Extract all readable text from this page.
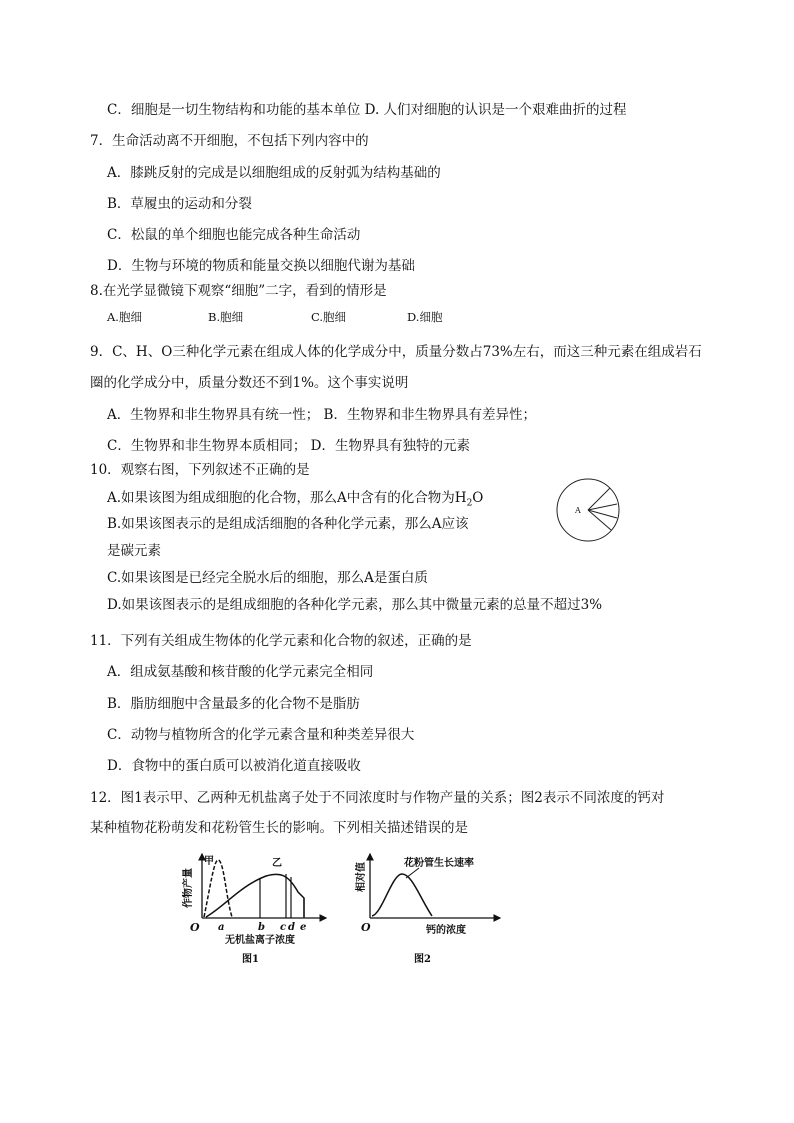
C．细胞是一切生物结构和功能的基本单位 D. 人们对细胞的认识是一个艰难曲折的过程
7．生命活动离不开细胞，不包括下列内容中的
A．膝跳反射的完成是以细胞组成的反射弧为结构基础的
B．草履虫的运动和分裂
C．松鼠的单个细胞也能完成各种生命活动
D．生物与环境的物质和能量交换以细胞代谢为基础
8.在光学显微镜下观察“细胞”二字，看到的情形是
A.胞细	B.胞细	C.胞细	D.细胞
9．C、H、O三种化学元素在组成人体的化学成分中，质量分数占73%左右，而这三种元素在组成岩石
圈的化学成分中，质量分数还不到1%。这个事实说明
A．生物界和非生物界具有统一性； B．生物界和非生物界具有差异性；
C．生物界和非生物界本质相同； D．生物界具有独特的元素
10．观察右图，下列叙述不正确的是
A.如果该图为组成细胞的化合物，那么A中含有的化合物为$H_2O$
B.如果该图表示的是组成活细胞的各种化学元素，那么A应该
是碳元素
C.如果该图是已经完全脱水后的细胞，那么A是蛋白质
D.如果该图表示的是组成细胞的各种化学元素，那么其中微量元素的总量不超过3%
A
11．下列有关组成生物体的化学元素和化合物的叙述，正确的是
A．组成氨基酸和核苷酸的化学元素完全相同
B．脂肪细胞中含量最多的化合物不是脂肪
C．动物与植物所含的化学元素含量和种类差异很大
D．食物中的蛋白质可以被消化道直接吸收
12．图1表示甲、乙两种无机盐离子处于不同浓度时与作物产量的关系；图2表示不同浓度的钙对
某种植物花粉萌发和花粉管生长的影响。下列相关描述错误的是
作物产量
O
甲	乙
a	b c d e
无机盐离子浓度
图1
相对值
O
花粉管生长速率
钙的浓度
图2
